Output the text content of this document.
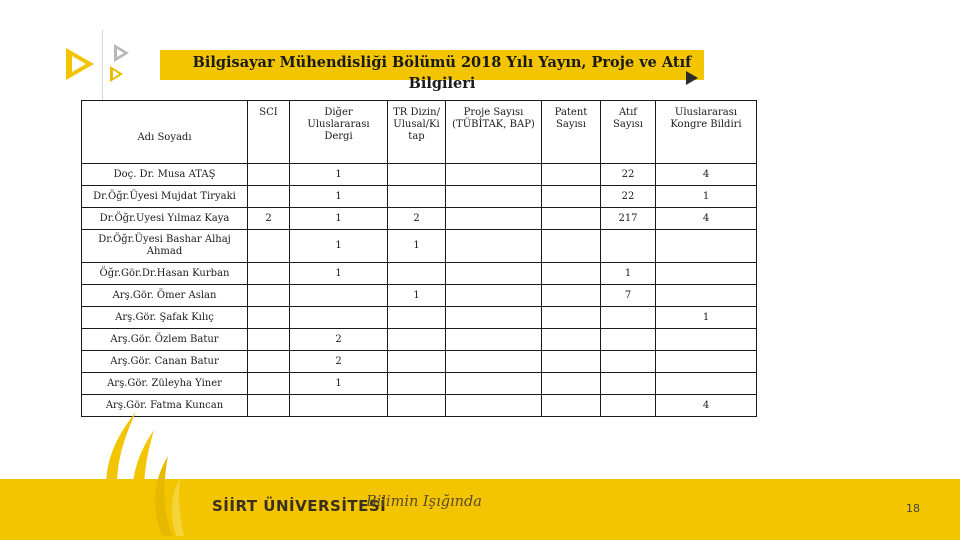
Bilgisayar Mühendisliği Bölümü 2018 Yılı Yayın, Proje ve Atıf
Bilgileri
Adı Soyadı	SCI	Diğer Uluslararası Dergi	TR Dizin/ Ulusal/Ki tap	Proje Sayısı (TÜBİTAK, BAP)	Patent Sayısı	Atıf Sayısı	Uluslararası Kongre Bildiri
Doç. Dr. Musa ATAŞ		1				22	4
Dr.Öğr.Üyesi Mujdat Tiryaki		1				22	1
Dr.Öğr.Uyesi Yılmaz Kaya	2	1	2			217	4
Dr.Öğr.Üyesi Bashar Alhaj Ahmad		1	1				
Öğr.Gör.Dr.Hasan Kurban		1				1	
Arş.Gör. Ömer Aslan			1			7	
Arş.Gör. Şafak Kılıç							1
Arş.Gör. Özlem Batur		2					
Arş.Gör. Canan Batur		2					
Arş.Gör. Züleyha Yiner		1					
Arş.Gör. Fatma Kuncan							4
SİİRT ÜNİVERSİTESİ
Bilimin Işığında	18
